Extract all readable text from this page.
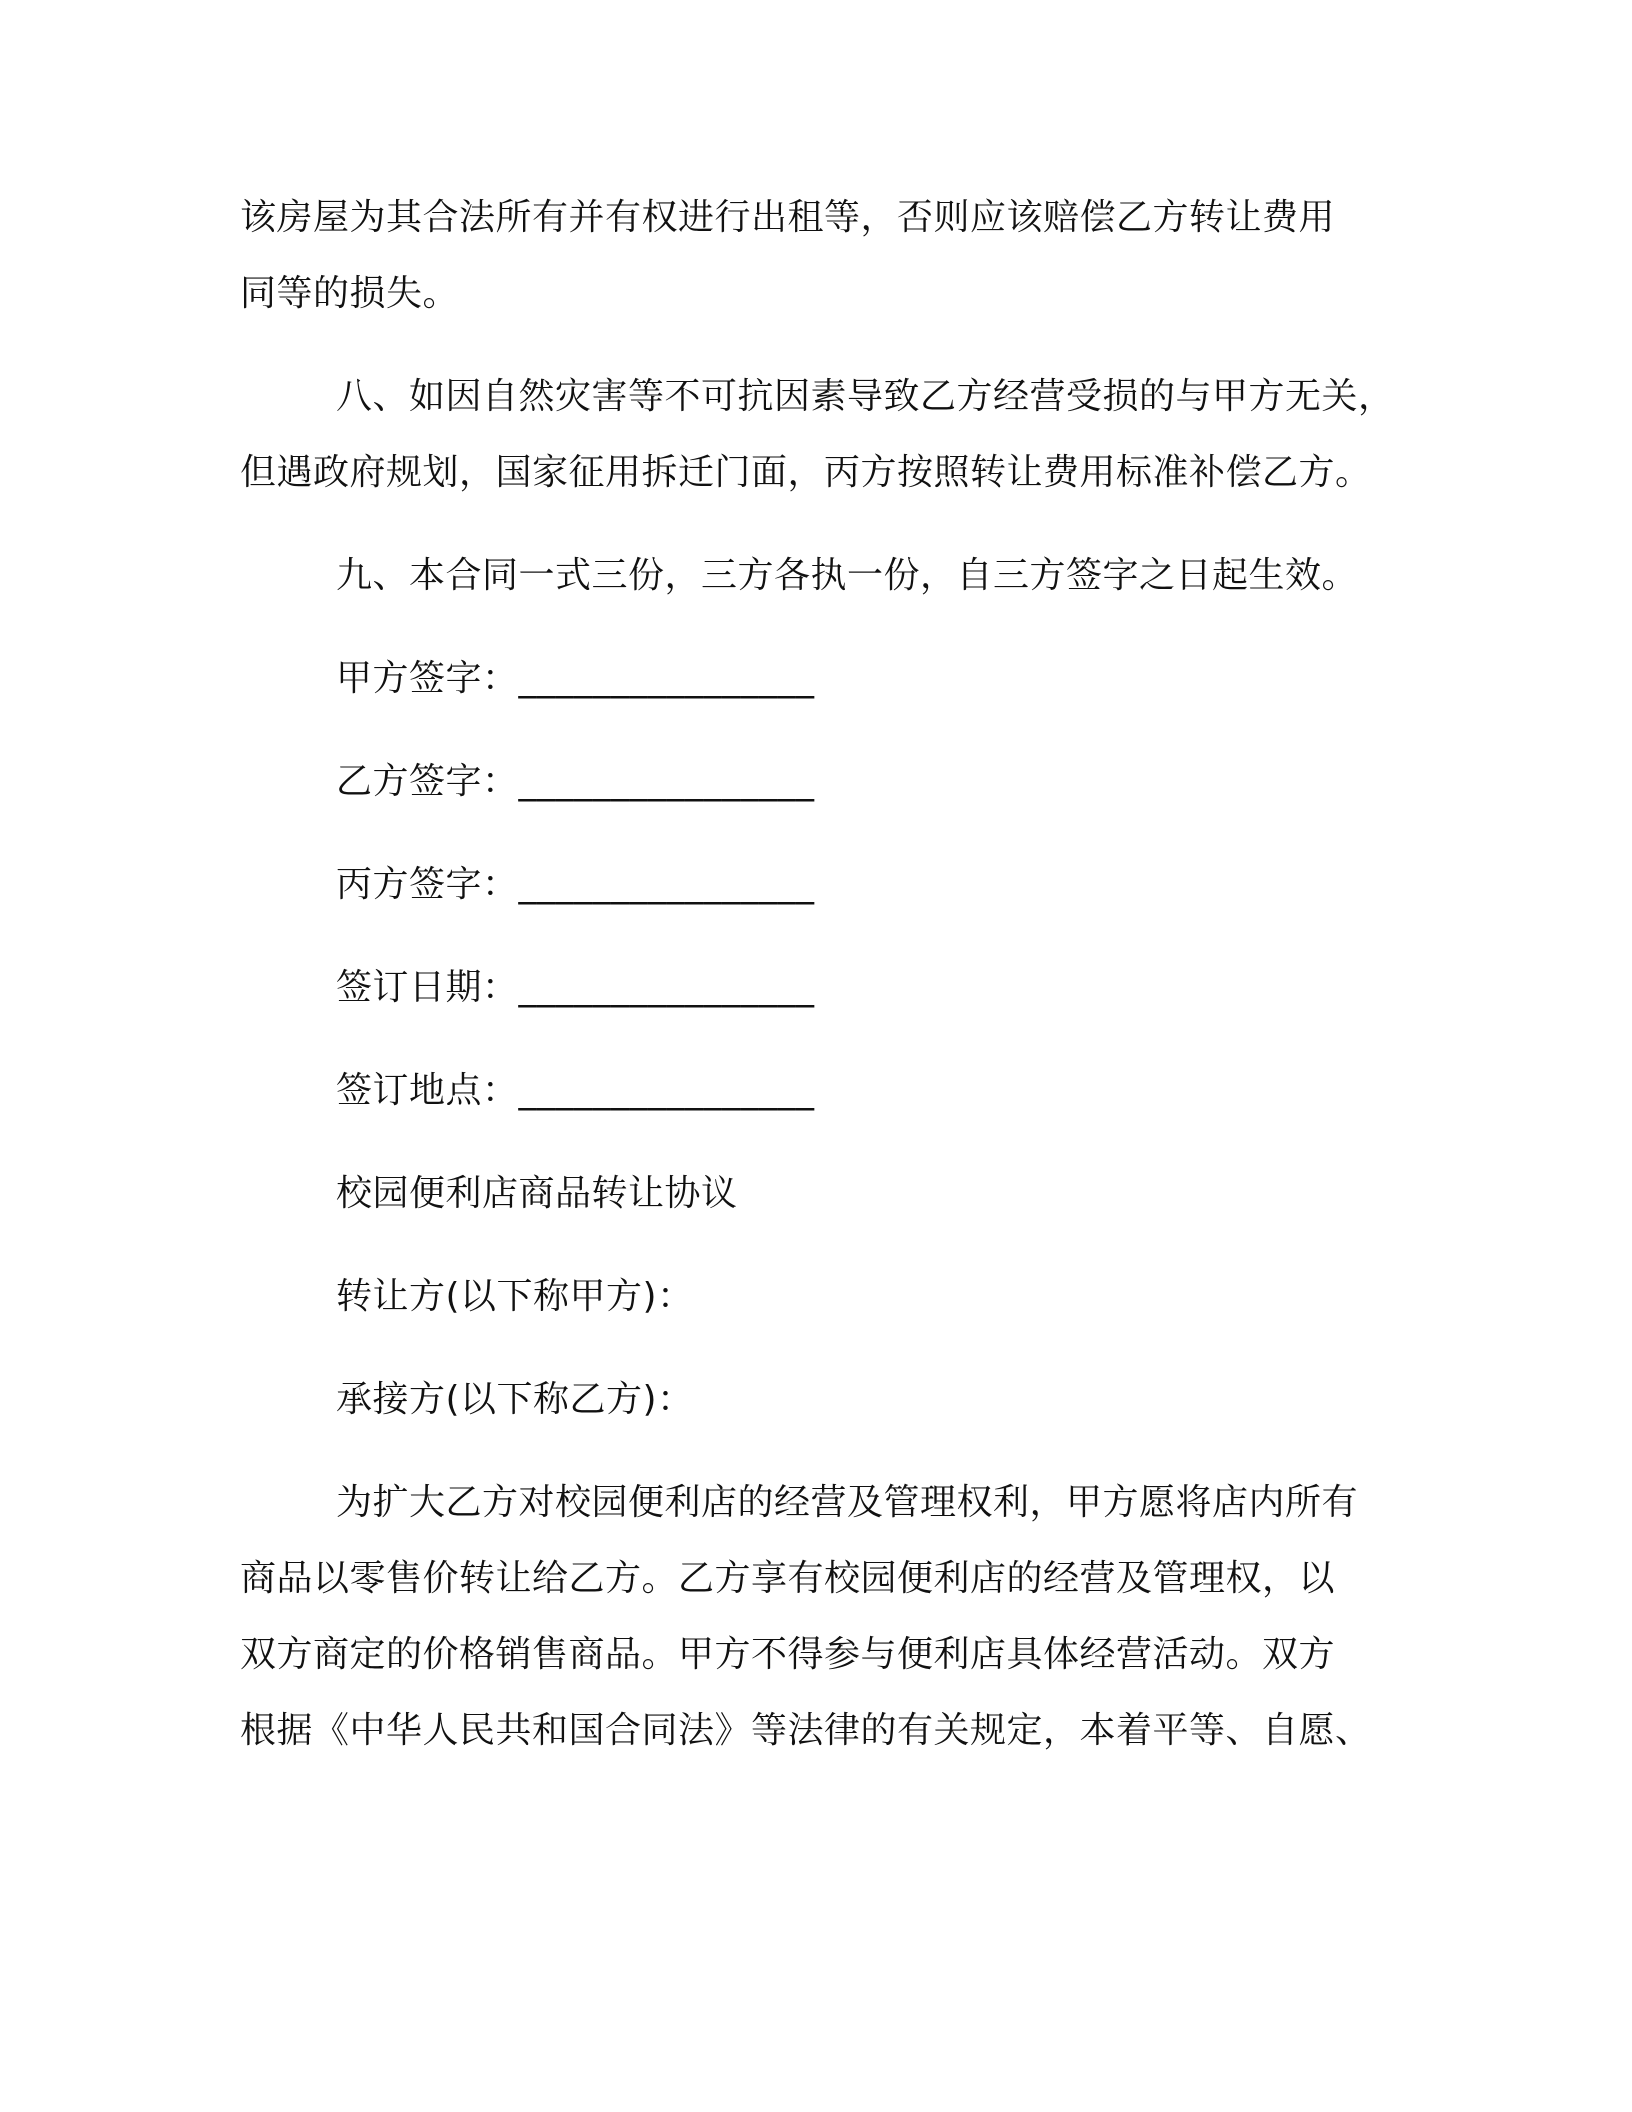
该房屋为其合法所有并有权进行出租等，否则应该赔偿乙方转让费用
同等的损失。
八、如因自然灾害等不可抗因素导致乙方经营受损的与甲方无关，
但遇政府规划，国家征用拆迁门面，丙方按照转让费用标准补偿乙方。
九、本合同一式三份，三方各执一份，自三方签字之日起生效。
甲方签字：________________
乙方签字：________________
丙方签字：________________
签订日期：________________
签订地点：________________
校园便利店商品转让协议
转让方(以下称甲方)：
承接方(以下称乙方)：
为扩大乙方对校园便利店的经营及管理权利，甲方愿将店内所有
商品以零售价转让给乙方。乙方享有校园便利店的经营及管理权，以
双方商定的价格销售商品。甲方不得参与便利店具体经营活动。双方
根据《中华人民共和国合同法》等法律的有关规定，本着平等、自愿、
